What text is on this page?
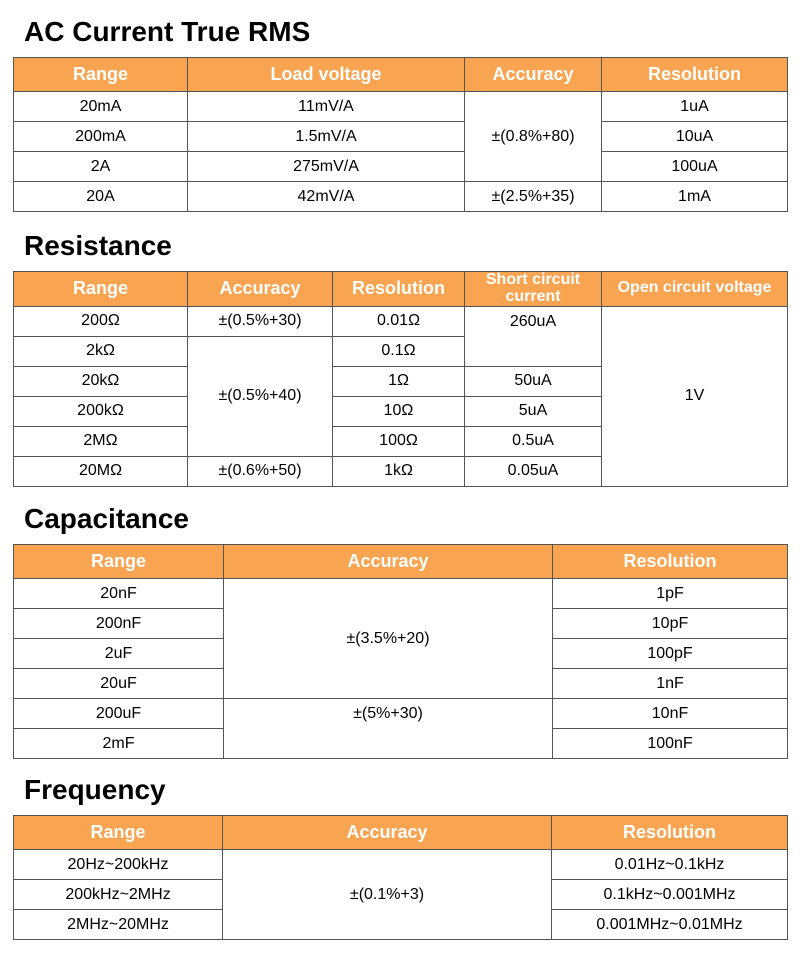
AC Current True RMS
Range	Load voltage	Accuracy	Resolution
20mA	11mV/A	±(0.8%+80)	1uA
200mA	1.5mV/A		10uA
2A	275mV/A		100uA
20A	42mV/A	±(2.5%+35)	1mA
Resistance
Range	Accuracy	Resolution	Short circuit current	Open circuit voltage
200Ω	±(0.5%+30)	0.01Ω	260uA	1V
2kΩ	±(0.5%+40)	0.1Ω		
20kΩ		1Ω	50uA	
200kΩ		10Ω	5uA	
2MΩ		100Ω	0.5uA	
20MΩ	±(0.6%+50)	1kΩ	0.05uA	
Capacitance
Range	Accuracy	Resolution
20nF	±(3.5%+20)	1pF
200nF		10pF
2uF		100pF
20uF		1nF
200uF	±(5%+30)	10nF
2mF		100nF
Frequency
Range	Accuracy	Resolution
20Hz~200kHz	±(0.1%+3)	0.01Hz~0.1kHz
200kHz~2MHz		0.1kHz~0.001MHz
2MHz~20MHz		0.001MHz~0.01MHz
